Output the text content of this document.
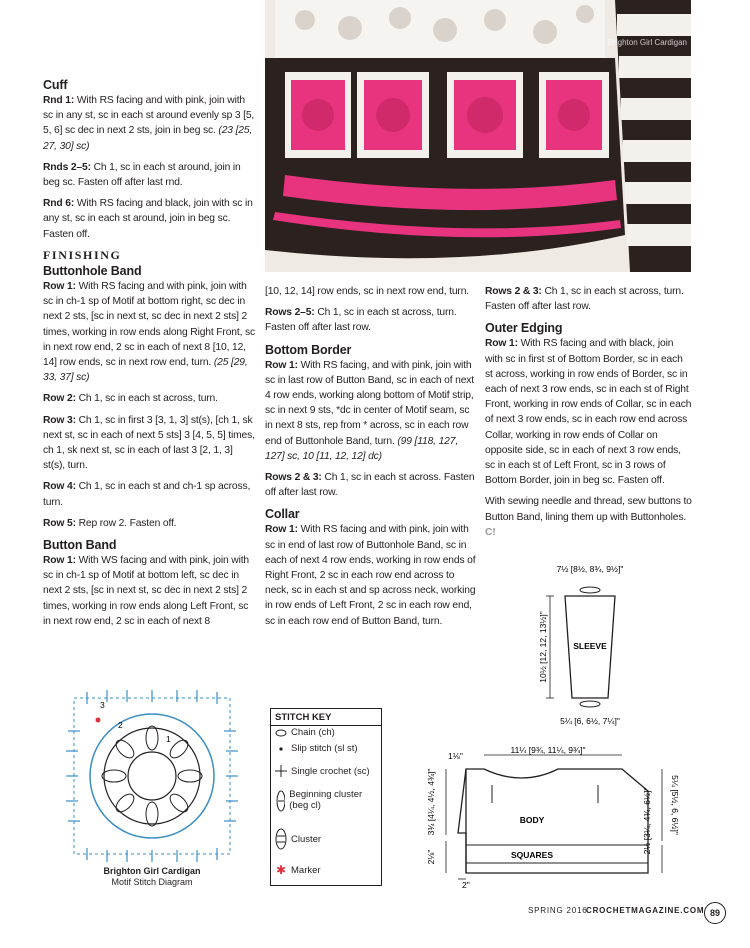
Brighton Girl Cardigan
Cuff

Rnd 1: With RS facing and with pink, join with sc in any st, sc in each st around evenly sp 3 [5, 5, 6] sc dec in next 2 sts, join in beg sc. (23 [25, 27, 30] sc)

Rnds 2–5: Ch 1, sc in each st around, join in beg sc. Fasten off after last rnd.

Rnd 6: With RS facing and black, join with sc in any st, sc in each st around, join in beg sc. Fasten off.

FINISHING
Buttonhole Band

Row 1: With RS facing and with pink, join with sc in ch-1 sp of Motif at bottom right, sc dec in next 2 sts, [sc in next st, sc dec in next 2 sts] 2 times, working in row ends along Right Front, sc in next row end, 2 sc in each of next 8 [10, 12, 14] row ends, sc in next row end, turn. (25 [29, 33, 37] sc)

Row 2: Ch 1, sc in each st across, turn.

Row 3: Ch 1, sc in first 3 [3, 1, 3] st(s), [ch 1, sk next st, sc in each of next 5 sts] 3 [4, 5, 5] times, ch 1, sk next st, sc in each of last 3 [2, 1, 3] st(s), turn.

Row 4: Ch 1, sc in each st and ch-1 sp across, turn.

Row 5: Rep row 2. Fasten off.

Button Band

Row 1: With WS facing and with pink, join with sc in ch-1 sp of Motif at bottom left, sc dec in next 2 sts, [sc in next st, sc dec in next 2 sts] 2 times, working in row ends along Left Front, sc in next row end, 2 sc in each of next 8

[10, 12, 14] row ends, sc in next row end, turn.

Rows 2–5: Ch 1, sc in each st across, turn. Fasten off after last row.

Bottom Border

Row 1: With RS facing, and with pink, join with sc in last row of Button Band, sc in each of next 4 row ends, working along bottom of Motif strip, sc in next 9 sts, *dc in center of Motif seam, sc in next 8 sts, rep from * across, sc in each row end of Buttonhole Band, turn. (99 [118, 127, 127] sc, 10 [11, 12, 12] dc)

Rows 2 & 3: Ch 1, sc in each st across. Fasten off after last row.

Collar

Row 1: With RS facing and with pink, join with sc in end of last row of Buttonhole Band, sc in each of next 4 row ends, working in row ends of Right Front, 2 sc in each row end across to neck, sc in each st and sp across neck, working in row ends of Left Front, 2 sc in each row end, sc in each row end of Button Band, turn.

Rows 2 & 3: Ch 1, sc in each st across, turn. Fasten off after last row.

Outer Edging

Row 1: With RS facing and with black, join with sc in first st of Bottom Border, sc in each st across, working in row ends of Border, sc in each of next 3 row ends, sc in each st of Right Front, working in row ends of Collar, sc in each of next 3 row ends, sc in each row end across Collar, working in row ends of Collar on opposite side, sc in each of next 3 row ends, sc in each st of Left Front, sc in 3 rows of Bottom Border, join in beg sc. Fasten off.

With sewing needle and thread, sew buttons to Button Band, lining them up with Buttonholes. C!

7½ [8½, 8¾, 9½]"
SLEEVE
10½ [12, 12, 13½]"
5¼ [6, 6½, 7¼]"
1⅛"
11¼ [9¾, 11¼, 9¾]"
3¾ [4¼, 4½, 4¾]"
2⅛"
2"
5¼ [5½, 6, 6½]"
2½ [3¼, 4¾, 6½]"
BODY
SQUARES
3
2
1
Brighton Girl Cardigan
Motif Stitch Diagram
STITCH KEY
Chain (ch)
Slip stitch (sl st)
Single crochet (sc)
Beginning cluster (beg cl)
Cluster
✱ Marker
SPRING 2016
CROCHETMAGAZINE.COM 89
